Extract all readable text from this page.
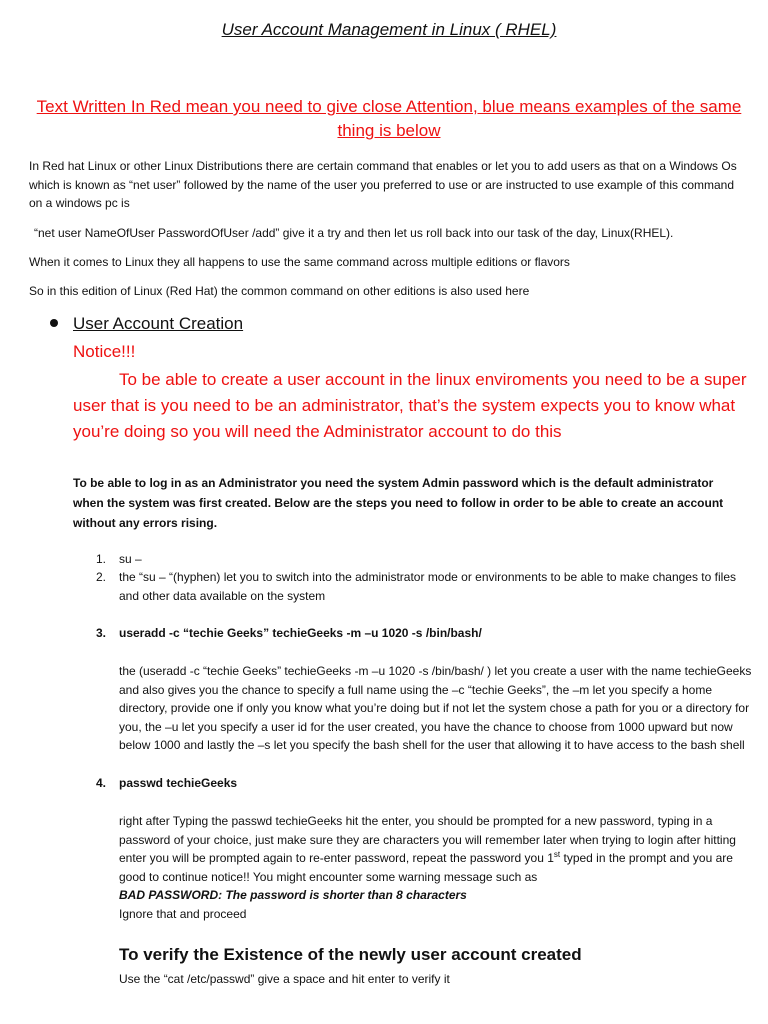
User Account Management in Linux ( RHEL)

Text Written In Red mean you need to give close Attention, blue means examples of the same thing is below

In Red hat Linux or other Linux Distributions there are certain command that enables or let you to add users as that on a Windows Os which is known as “net user” followed by the name of the user you preferred to use or are instructed to use example of this command on a windows pc is

“net user NameOfUser PasswordOfUser /add” give it a try and then let us roll back into our task of the day, Linux(RHEL).

When it comes to Linux they all happens to use the same command across multiple editions or flavors

So in this edition of Linux (Red Hat) the common command on other editions is also used here

User Account Creation

Notice!!!

To be able to create a user account in the linux enviroments you need to be a super user that is you need to be an administrator, that’s the system expects you to know what you’re doing so you will need the Administrator account to do this

To be able to log in as an Administrator you need the system Admin password which is the default administrator when the system was first created. Below are the steps you need to follow in order to be able to create an account without any errors rising.

1.	su –

2.	the “su – “(hyphen) let you to switch into the administrator mode or environments to be able to make changes to files and other data available on the system

3.	useradd -c “techie Geeks” techieGeeks -m –u 1020 -s /bin/bash/

the (useradd -c “techie Geeks” techieGeeks -m –u 1020 -s /bin/bash/ ) let you create a user with the name techieGeeks and also gives you the chance to specify a full name using the –c “techie Geeks”, the –m let you specify a home directory, provide one if only you know what you’re doing but if not let the system chose a path for you or a directory for you, the –u let you specify a user id for the user created, you have the chance to choose from 1000 upward but now below 1000 and lastly the –s let you specify the bash shell for the user that allowing it to have access to the bash shell

4.	passwd techieGeeks

right after Typing the passwd techieGeeks hit the enter, you should be prompted for a new password, typing in a password of your choice, just make sure they are characters you will remember later when trying to login after hitting enter you will be prompted again to re-enter password, repeat the password you 1st typed in the prompt and you are good to continue notice!! You might encounter some warning message such as

BAD PASSWORD: The password is shorter than 8 characters

Ignore that and proceed

To verify the Existence of the newly user account created

Use the “cat /etc/passwd” give a space and hit enter to verify it
